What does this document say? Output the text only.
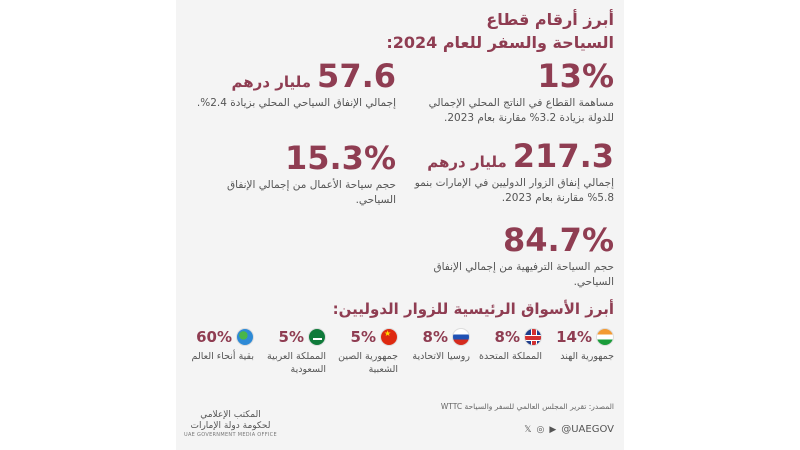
أبرز أرقام قطاع
السياحة والسفر للعام 2024:
13%
مساهمة القطاع في الناتج المحلي الإجمالي للدولة بزيادة 3.2% مقارنة بعام 2023.
57.6
مليار درهم
إجمالي الإنفاق السياحي المحلي بزيادة 2.4%.
217.3
مليار درهم
إجمالي إنفاق الزوار الدوليين في الإمارات بنمو 5.8% مقارنة بعام 2023.
15.3%
حجم سياحة الأعمال من إجمالي الإنفاق السياحي.
84.7%
حجم السياحة الترفيهية من إجمالي الإنفاق السياحي.
أبرز الأسواق الرئيسية للزوار الدوليين:
14%
جمهورية الهند
8%
المملكة المتحدة
8%
روسيا الاتحادية
★
5%
جمهورية الصين الشعبية
5%
المملكة العربية السعودية
60%
بقية أنحاء العالم
المصدر: تقرير المجلس العالمي للسفر والسياحة WTTC
𝕏 ◎ ▶ @UAEGOV
المكتب الإعلامي
لحكومة دولة الإمارات
UAE GOVERNMENT MEDIA OFFICE
